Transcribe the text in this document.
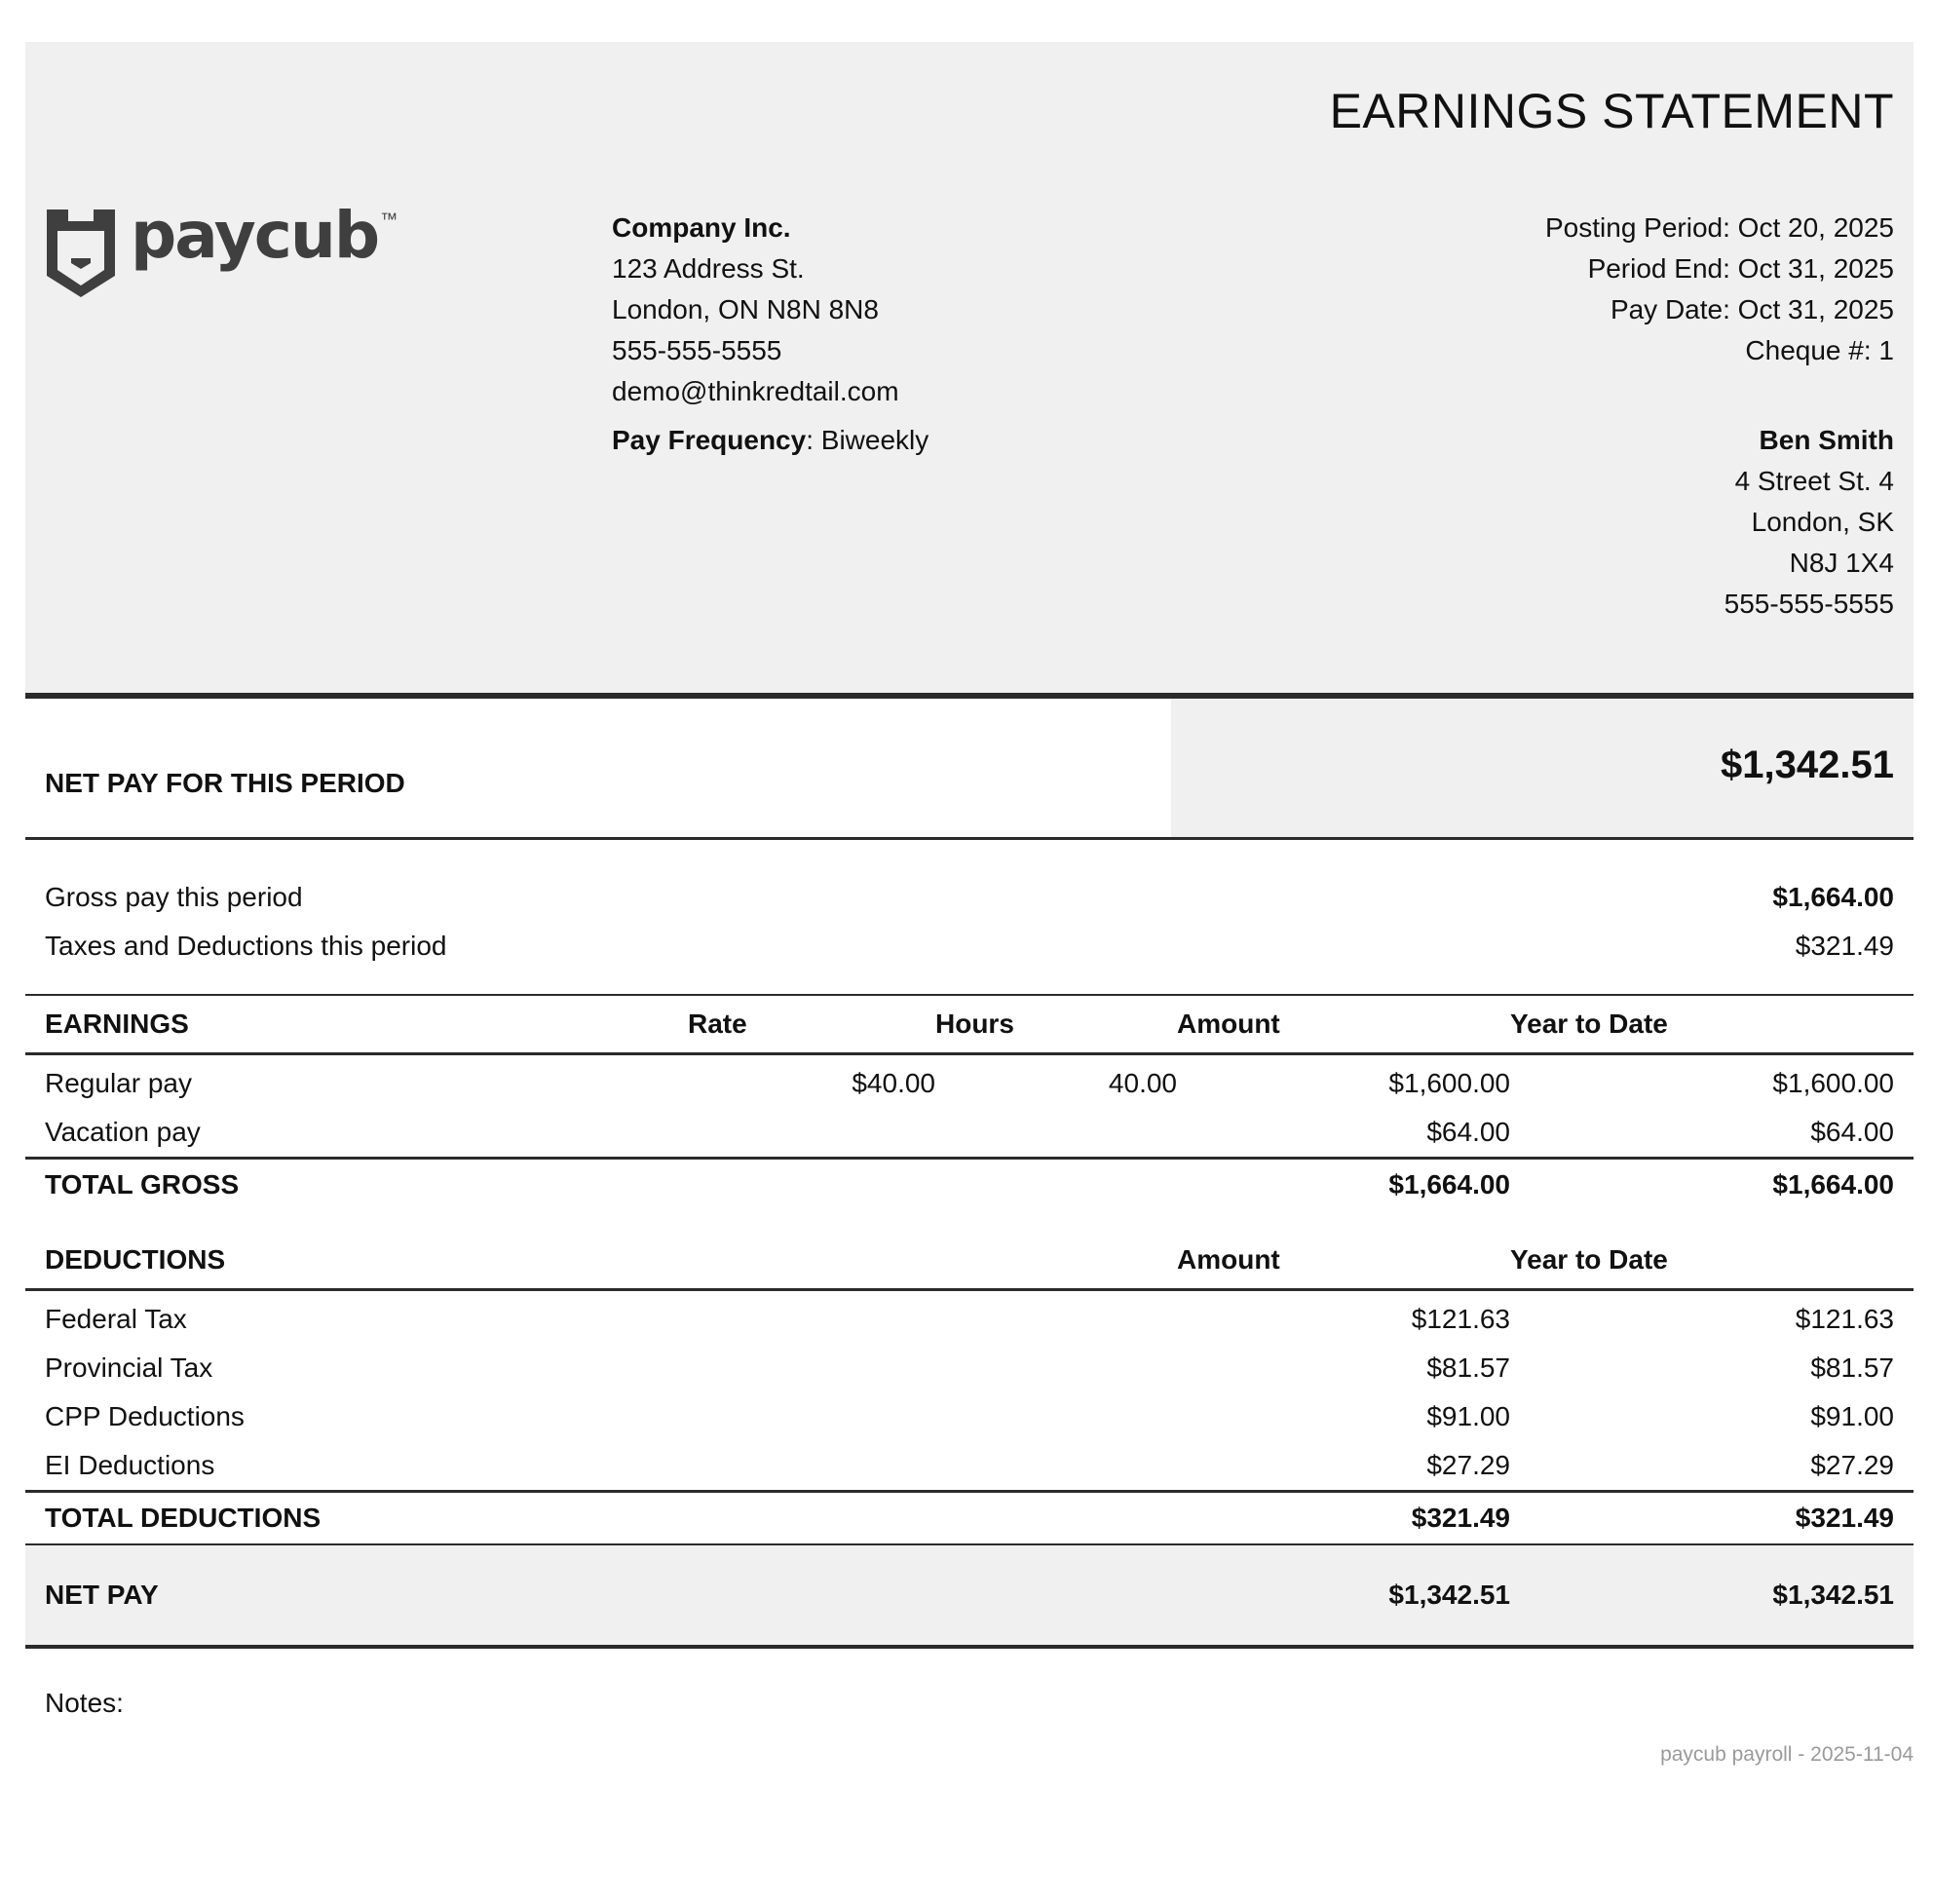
EARNINGS STATEMENT
paycub ™	Company Inc.
123 Address St.
London, ON N8N 8N8
555-555-5555
demo@thinkredtail.com
Pay Frequency: Biweekly
Posting Period: Oct 20, 2025
Period End: Oct 31, 2025
Pay Date: Oct 31, 2025
Cheque #: 1
Ben Smith
4 Street St. 4
London, SK
N8J 1X4
555-555-5555
NET PAY FOR THIS PERIOD	$1,342.51
Gross pay this period	$1,664.00
Taxes and Deductions this period	$321.49
EARNINGS	Rate	Hours	Amount	Year to Date
Regular pay	$40.00	40.00	$1,600.00	$1,600.00
Vacation pay			$64.00	$64.00
TOTAL GROSS			$1,664.00	$1,664.00

DEDUCTIONS			Amount	Year to Date
Federal Tax			$121.63	$121.63
Provincial Tax			$81.57	$81.57
CPP Deductions			$91.00	$91.00
EI Deductions			$27.29	$27.29
TOTAL DEDUCTIONS			$321.49	$321.49
NET PAY			$1,342.51	$1,342.51
Notes:
paycub payroll - 2025-11-04
